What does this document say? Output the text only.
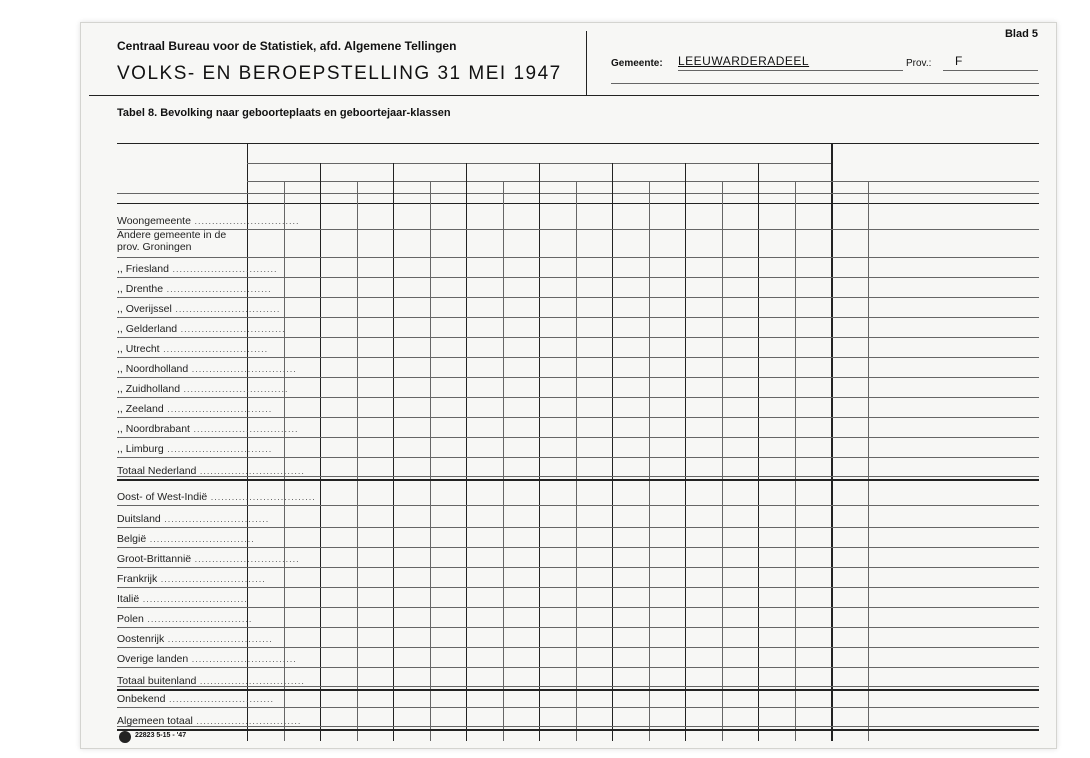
Centraal Bureau voor de Statistiek, afd. Algemene Tellingen
VOLKS- EN BEROEPSTELLING 31 MEI 1947
Blad 5
Gemeente: LEEUWARDERADEEL	Prov.: F
Tabel 8. Bevolking naar geboorteplaats en geboortejaar-klassen
Woongemeente ..............................
Andere gemeente in de prov. Groningen
,, Friesland ..............................
,, Drenthe ..............................
,, Overijssel ..............................
,, Gelderland ..............................
,, Utrecht ..............................
,, Noordholland ..............................
,, Zuidholland ..............................
,, Zeeland ..............................
,, Noordbrabant ..............................
,, Limburg ..............................
Totaal Nederland ..............................
Oost- of West-Indië ..............................
Duitsland ..............................
België ..............................
Groot-Brittannië ..............................
Frankrijk ..............................
Italië ..............................
Polen ..............................
Oostenrijk ..............................
Overige landen ..............................
Totaal buitenland ..............................
Onbekend ..............................
Algemeen totaal ..............................
22823 5-15 - '47
